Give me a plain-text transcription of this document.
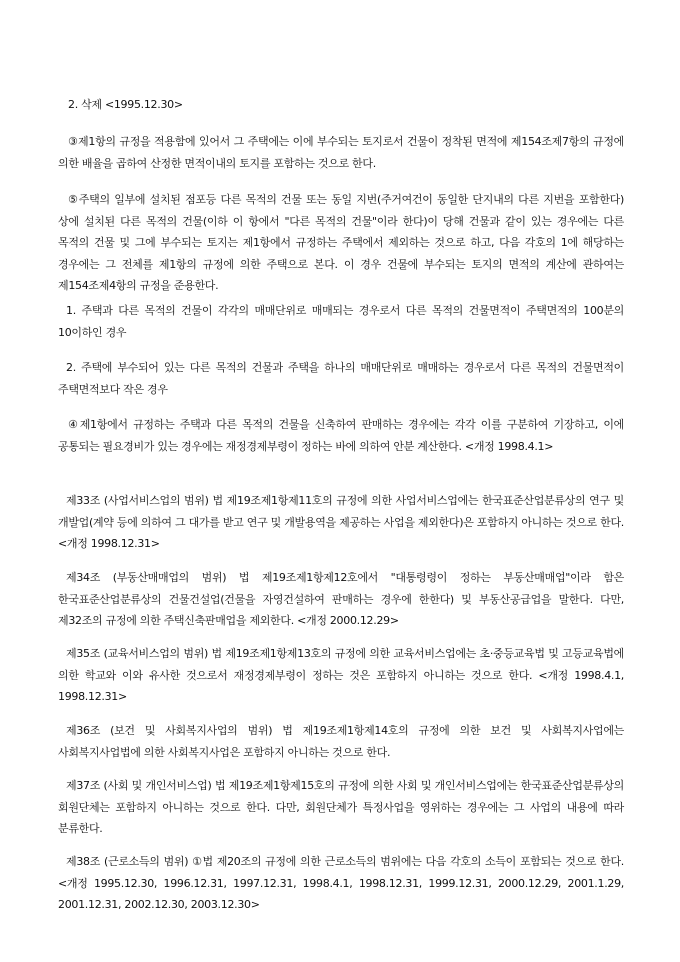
2. 삭제 <1995.12.30>

③제1항의 규정을 적용함에 있어서 그 주택에는 이에 부수되는 토지로서 건물이 정착된 면적에 제154조제7항의 규정에 의한 배율을 곱하여 산정한 면적이내의 토지를 포함하는 것으로 한다.

⑤주택의 일부에 설치된 점포등 다른 목적의 건물 또는 동일 지번(주거여건이 동일한 단지내의 다른 지번을 포함한다)상에 설치된 다른 목적의 건물(이하 이 항에서 "다른 목적의 건물"이라 한다)이 당해 건물과 같이 있는 경우에는 다른 목적의 건물 및 그에 부수되는 토지는 제1항에서 규정하는 주택에서 제외하는 것으로 하고, 다음 각호의 1에 해당하는 경우에는 그 전체를 제1항의 규정에 의한 주택으로 본다. 이 경우 건물에 부수되는 토지의 면적의 계산에 관하여는 제154조제4항의 규정을 준용한다.

1. 주택과 다른 목적의 건물이 각각의 매매단위로 매매되는 경우로서 다른 목적의 건물면적이 주택면적의 100분의 10이하인 경우

2. 주택에 부수되어 있는 다른 목적의 건물과 주택을 하나의 매매단위로 매매하는 경우로서 다른 목적의 건물면적이 주택면적보다 작은 경우

④제1항에서 규정하는 주택과 다른 목적의 건물을 신축하여 판매하는 경우에는 각각 이를 구분하여 기장하고, 이에 공통되는 필요경비가 있는 경우에는 재정경제부령이 정하는 바에 의하여 안분 계산한다. <개정 1998.4.1>

제33조 (사업서비스업의 범위) 법 제19조제1항제11호의 규정에 의한 사업서비스업에는 한국표준산업분류상의 연구 및 개발업(계약 등에 의하여 그 대가를 받고 연구 및 개발용역을 제공하는 사업을 제외한다)은 포함하지 아니하는 것으로 한다. <개정 1998.12.31>

제34조 (부동산매매업의 범위) 법 제19조제1항제12호에서 "대통령령이 정하는 부동산매매업"이라 함은 한국표준산업분류상의 건물건설업(건물을 자영건설하여 판매하는 경우에 한한다) 및 부동산공급업을 말한다. 다만, 제32조의 규정에 의한 주택신축판매업을 제외한다. <개정 2000.12.29>

제35조 (교육서비스업의 범위) 법 제19조제1항제13호의 규정에 의한 교육서비스업에는 초·중등교육법 및 고등교육법에 의한 학교와 이와 유사한 것으로서 재정경제부령이 정하는 것은 포함하지 아니하는 것으로 한다. <개정 1998.4.1, 1998.12.31>

제36조 (보건 및 사회복지사업의 범위) 법 제19조제1항제14호의 규정에 의한 보건 및 사회복지사업에는 사회복지사업법에 의한 사회복지사업은 포함하지 아니하는 것으로 한다.

제37조 (사회 및 개인서비스업) 법 제19조제1항제15호의 규정에 의한 사회 및 개인서비스업에는 한국표준산업분류상의 회원단체는 포함하지 아니하는 것으로 한다. 다만, 회원단체가 특정사업을 영위하는 경우에는 그 사업의 내용에 따라 분류한다.

제38조 (근로소득의 범위) ①법 제20조의 규정에 의한 근로소득의 범위에는 다음 각호의 소득이 포함되는 것으로 한다. <개정 1995.12.30, 1996.12.31, 1997.12.31, 1998.4.1, 1998.12.31, 1999.12.31, 2000.12.29, 2001.1.29, 2001.12.31, 2002.12.30, 2003.12.30>
